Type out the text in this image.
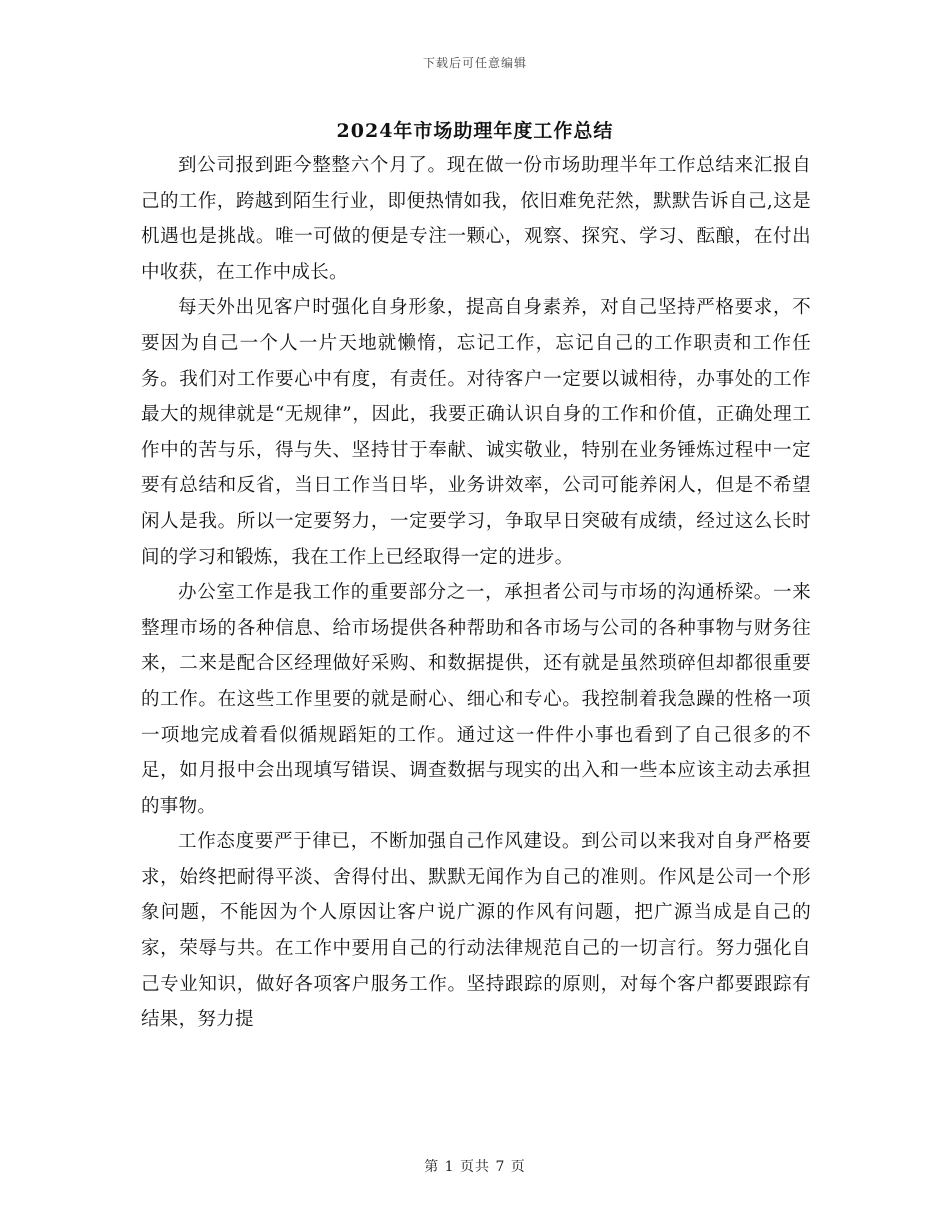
下载后可任意编辑
2024年市场助理年度工作总结

到公司报到距今整整六个月了。现在做一份市场助理半年工作总结来汇报自己的工作，跨越到陌生行业，即便热情如我，依旧难免茫然，默默告诉自己,这是机遇也是挑战。唯一可做的便是专注一颗心，观察、探究、学习、酝酿，在付出中收获，在工作中成长。

每天外出见客户时强化自身形象，提高自身素养，对自己坚持严格要求，不要因为自己一个人一片天地就懒惰，忘记工作，忘记自己的工作职责和工作任务。我们对工作要心中有度，有责任。对待客户一定要以诚相待，办事处的工作最大的规律就是“无规律”，因此，我要正确认识自身的工作和价值，正确处理工作中的苦与乐，得与失、坚持甘于奉献、诚实敬业，特别在业务锤炼过程中一定要有总结和反省，当日工作当日毕，业务讲效率，公司可能养闲人，但是不希望闲人是我。所以一定要努力，一定要学习，争取早日突破有成绩，经过这么长时间的学习和锻炼，我在工作上已经取得一定的进步。

办公室工作是我工作的重要部分之一，承担者公司与市场的沟通桥梁。一来整理市场的各种信息、给市场提供各种帮助和各市场与公司的各种事物与财务往来，二来是配合区经理做好采购、和数据提供，还有就是虽然琐碎但却都很重要的工作。在这些工作里要的就是耐心、细心和专心。我控制着我急躁的性格一项一项地完成着看似循规蹈矩的工作。通过这一件件小事也看到了自己很多的不足，如月报中会出现填写错误、调查数据与现实的出入和一些本应该主动去承担的事物。

工作态度要严于律已，不断加强自己作风建设。到公司以来我对自身严格要求，始终把耐得平淡、舍得付出、默默无闻作为自己的准则。作风是公司一个形象问题，不能因为个人原因让客户说广源的作风有问题，把广源当成是自己的家，荣辱与共。在工作中要用自己的行动法律规范自己的一切言行。努力强化自己专业知识，做好各项客户服务工作。坚持跟踪的原则，对每个客户都要跟踪有结果，努力提

第 1 页共 7 页
